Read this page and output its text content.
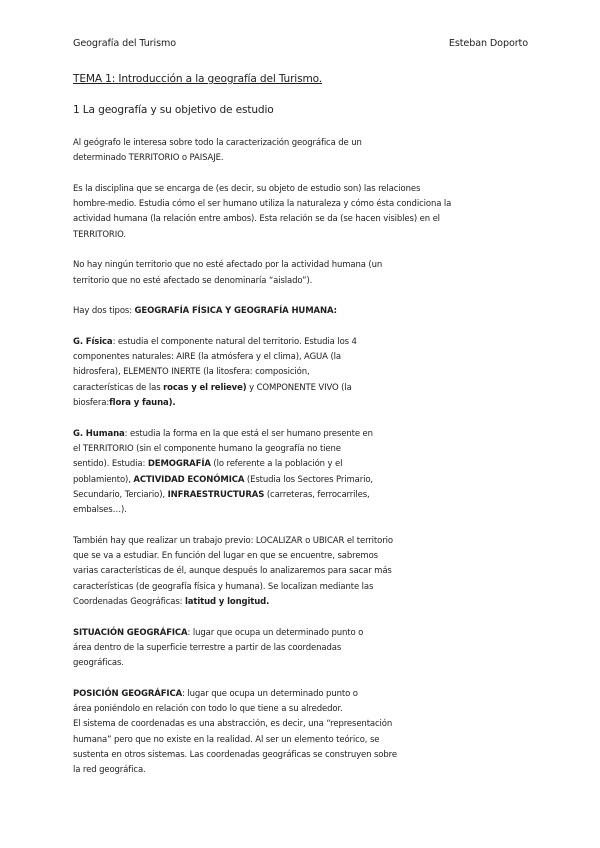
Geografía del Turismo	Esteban Doporto
TEMA 1: Introducción a la geografía del Turismo.
1 La geografía y su objetivo de estudio

Al geógrafo le interesa sobre todo la caracterización geográfica de un
determinado TERRITORIO o PAISAJE.

Es la disciplina que se encarga de (es decir, su objeto de estudio son) las relaciones
hombre-medio. Estudia cómo el ser humano utiliza la naturaleza y cómo ésta condiciona la
actividad humana (la relación entre ambos). Esta relación se da (se hacen visibles) en el
TERRITORIO.

No hay ningún territorio que no esté afectado por la actividad humana (un
territorio que no esté afectado se denominaría “aislado”).

Hay dos tipos: GEOGRAFÍA FÍSICA Y GEOGRAFÍA HUMANA:

G. Física: estudia el componente natural del territorio. Estudia los 4
componentes naturales: AIRE (la atmósfera y el clima), AGUA (la
hidrosfera), ELEMENTO INERTE (la litosfera: composición,
características de las rocas y el relieve) y COMPONENTE VIVO (la
biosfera:flora y fauna).

G. Humana: estudia la forma en la que está el ser humano presente en
el TERRITORIO (sin el componente humano la geografía no tiene
sentido). Estudia: DEMOGRAFÍA (lo referente a la población y el
poblamiento), ACTIVIDAD ECONÓMICA (Estudia los Sectores Primario,
Secundario, Terciario), INFRAESTRUCTURAS (carreteras, ferrocarriles,
embalses…).

También hay que realizar un trabajo previo: LOCALIZAR o UBICAR el territorio
que se va a estudiar. En función del lugar en que se encuentre, sabremos
varias características de él, aunque después lo analizaremos para sacar más
características (de geografía física y humana). Se localizan mediante las
Coordenadas Geográficas: latitud y longitud.

SITUACIÓN GEOGRÁFICA: lugar que ocupa un determinado punto o
área dentro de la superficie terrestre a partir de las coordenadas
geográficas.

POSICIÓN GEOGRÁFICA: lugar que ocupa un determinado punto o
área poniéndolo en relación con todo lo que tiene a su alrededor.
El sistema de coordenadas es una abstracción, es decir, una “representación
humana” pero que no existe en la realidad. Al ser un elemento teórico, se
sustenta en otros sistemas. Las coordenadas geográficas se construyen sobre
la red geográfica.
